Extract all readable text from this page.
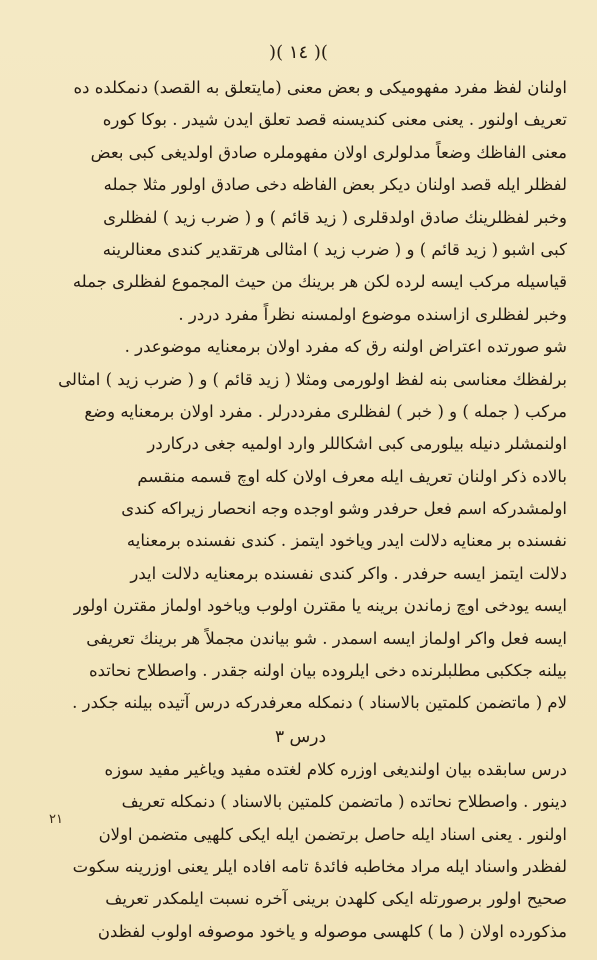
)( ١٤ )(
اولنان لفظ مفرد مفهومیکی و بعض معنی (مایتعلق به القصد) دنمکلده ده
تعریف اولنور . یعنی معنی کندیسنه قصد تعلق ایدن شیدر . بوکا کوره
معنی الفاظك وضعاً مدلولری اولان مفهوملره صادق اولدیغی کبی بعض
لفظلر ایله قصد اولنان دیکر بعض الفاظه دخی صادق اولور مثلا جمله
وخبر لفظلرینك صادق اولدقلری ( زید قائم ) و ( ضرب زید ) لفظلری
کبی اشبو ( زید قائم ) و ( ضرب زید ) امثالی هرتقدیر کندی معنالرینه
قیاسیله مرکب ایسه لرده لکن هر برینك من حیث المجموع لفظلری جمله
وخبر لفظلری ازاسنده موضوع اولمسنه نظراً مفرد دردر .
شو صورتده اعتراض اولنه رق که مفرد اولان برمعنایه موضوعدر .
برلفظك معناسی بنه لفظ اولورمی ومثلا ( زید قائم ) و ( ضرب زید ) امثالی
مرکب ( جمله ) و ( خبر ) لفظلری مفرددرلر . مفرد اولان برمعنایه وضع
اولنمشلر دنیله بیلورمی کبی اشکاللر وارد اولمیه جغی درکاردر
بالاده ذکر اولنان تعریف ایله معرف اولان کله اوچ قسمه منقسم
اولمشدرکه اسم فعل حرفدر وشو اوجده وجه انحصار زیراکه کندی
نفسنده بر معنایه دلالت ایدر ویاخود ایتمز . کندی نفسنده برمعنایه
دلالت ایتمز ایسه حرفدر . واکر کندی نفسنده برمعنایه دلالت ایدر
ایسه یودخی اوچ زماندن برینه یا مقترن اولوب ویاخود اولماز مقترن اولور
ایسه فعل واکر اولماز ایسه اسمدر . شو بیاندن مجملاً هر برینك تعریفی
بیلنه جککبی مطلبلرنده دخی ایلروده بیان اولنه جقدر . واصطلاح نحاتده
لام ( ماتضمن کلمتین بالاسناد ) دنمکله معرفدرکه درس آتیده بیلنه جکدر .
درس ٣
درس سابقده بیان اولندیغی اوزره کلام لغتده مفید ویاغیر مفید سوزه
دینور . واصطلاح نحاتده ( ماتضمن کلمتین بالاسناد ) دنمکله تعریف
اولنور . یعنی اسناد ایله حاصل برتضمن ایله ایکی کلهیی متضمن اولان
لفظدر واسناد ایله مراد مخاطبه فائدهٔ تامه افاده ایلر یعنی اوزرینه سکوت
صحیح اولور برصورتله ایکی کلهدن برینی آخره نسبت ایلمکدر تعریف
مذکورده اولان ( ما ) کلهسی موصوله و یاخود موصوفه اولوب لفظدن
٢١
